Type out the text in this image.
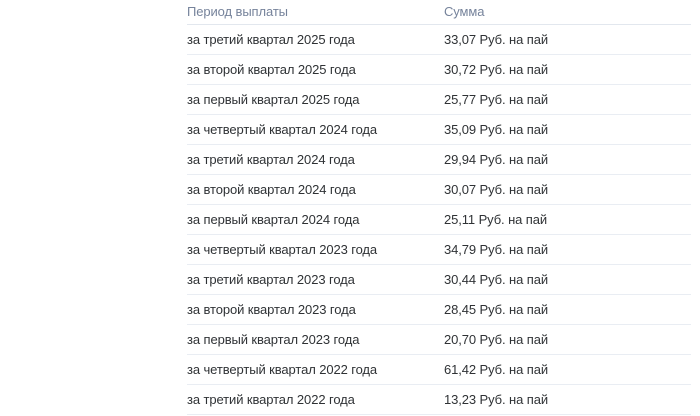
Период выплаты	Сумма
за третий квартал 2025 года	33,07 Руб. на пай
за второй квартал 2025 года	30,72 Руб. на пай
за первый квартал 2025 года	25,77 Руб. на пай
за четвертый квартал 2024 года	35,09 Руб. на пай
за третий квартал 2024 года	29,94 Руб. на пай
за второй квартал 2024 года	30,07 Руб. на пай
за первый квартал 2024 года	25,11 Руб. на пай
за четвертый квартал 2023 года	34,79 Руб. на пай
за третий квартал 2023 года	30,44 Руб. на пай
за второй квартал 2023 года	28,45 Руб. на пай
за первый квартал 2023 года	20,70 Руб. на пай
за четвертый квартал 2022 года	61,42 Руб. на пай
за третий квартал 2022 года	13,23 Руб. на пай
